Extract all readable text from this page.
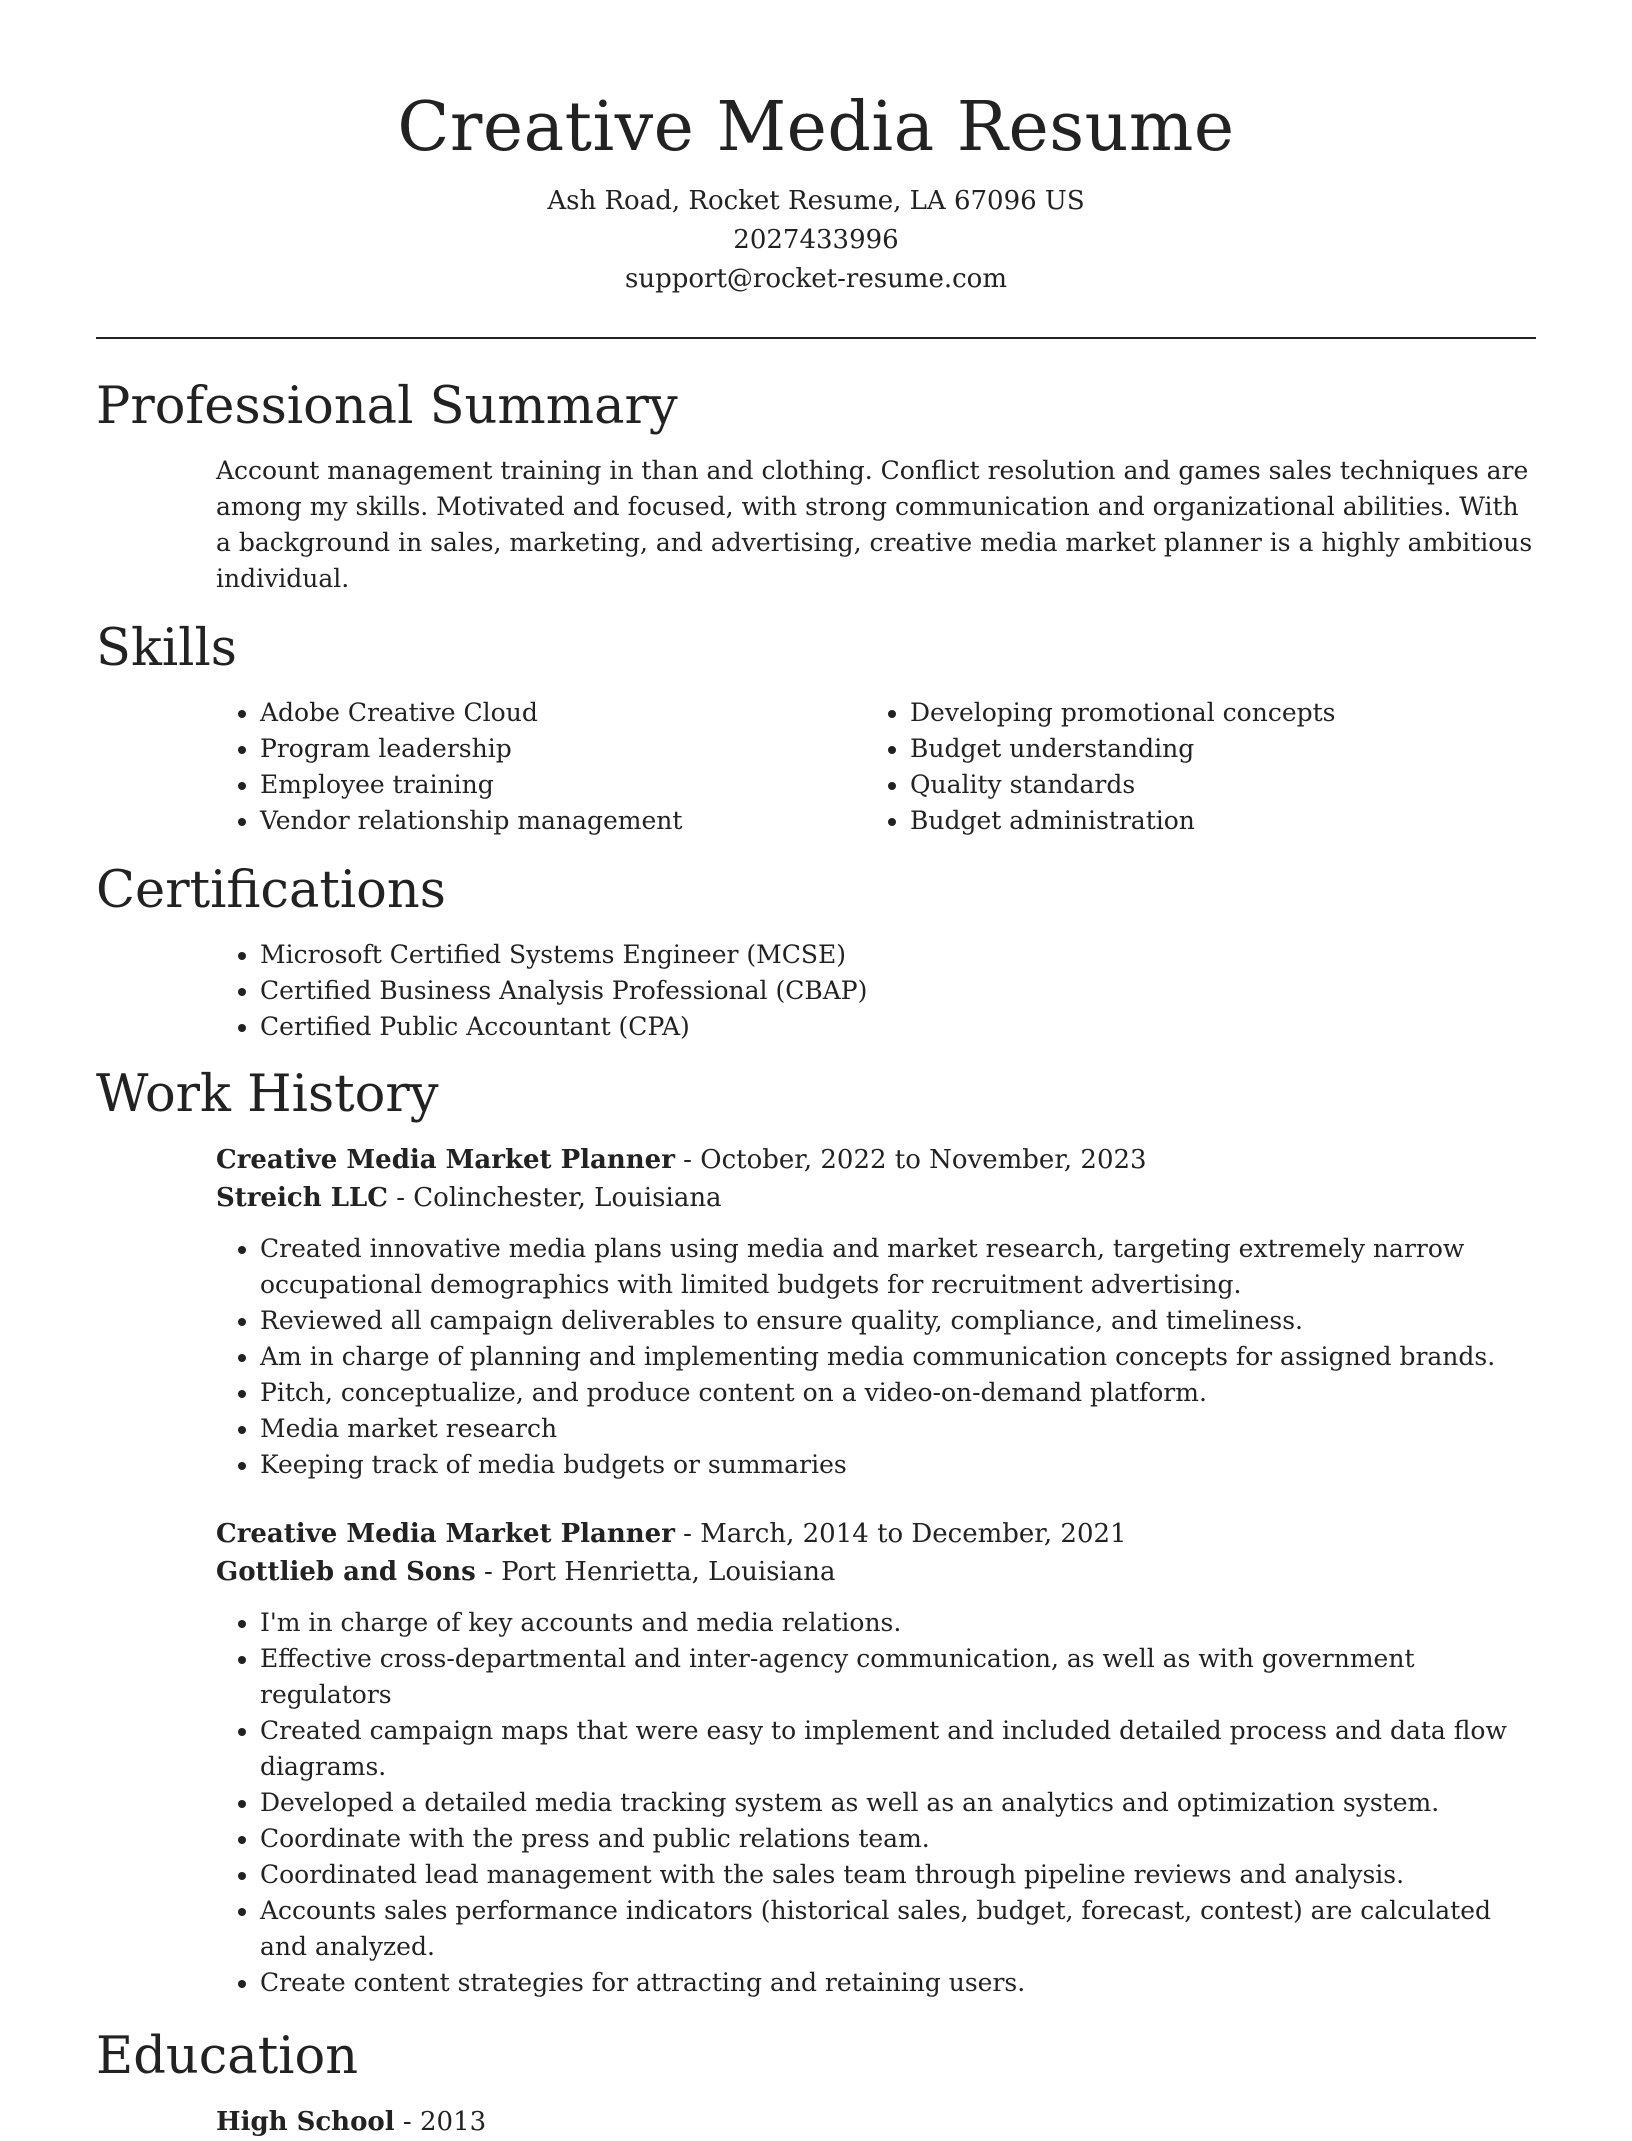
Creative Media Resume

Ash Road, Rocket Resume, LA 67096 US

2027433996

support@rocket-resume.com

Professional Summary
Account management training in than and clothing. Conflict resolution and games sales techniques are among my skills. Motivated and focused, with strong communication and organizational abilities. With a background in sales, marketing, and advertising, creative media market planner is a highly ambitious individual.
Skills
• Adobe Creative Cloud
• Program leadership
• Employee training
• Vendor relationship management
• Developing promotional concepts
• Budget understanding
• Quality standards
• Budget administration
Certifications
• Microsoft Certified Systems Engineer (MCSE)
• Certified Business Analysis Professional (CBAP)
• Certified Public Accountant (CPA)
Work History
Creative Media Market Planner - October, 2022 to November, 2023
Streich LLC - Colinchester, Louisiana
• Created innovative media plans using media and market research, targeting extremely narrow occupational demographics with limited budgets for recruitment advertising.
• Reviewed all campaign deliverables to ensure quality, compliance, and timeliness.
• Am in charge of planning and implementing media communication concepts for assigned brands.
• Pitch, conceptualize, and produce content on a video-on-demand platform.
• Media market research
• Keeping track of media budgets or summaries
Creative Media Market Planner - March, 2014 to December, 2021
Gottlieb and Sons - Port Henrietta, Louisiana
• I'm in charge of key accounts and media relations.
• Effective cross-departmental and inter-agency communication, as well as with government regulators
• Created campaign maps that were easy to implement and included detailed process and data flow diagrams.
• Developed a detailed media tracking system as well as an analytics and optimization system.
• Coordinate with the press and public relations team.
• Coordinated lead management with the sales team through pipeline reviews and analysis.
• Accounts sales performance indicators (historical sales, budget, forecast, contest) are calculated and analyzed.
• Create content strategies for attracting and retaining users.
Education
High School - 2013
